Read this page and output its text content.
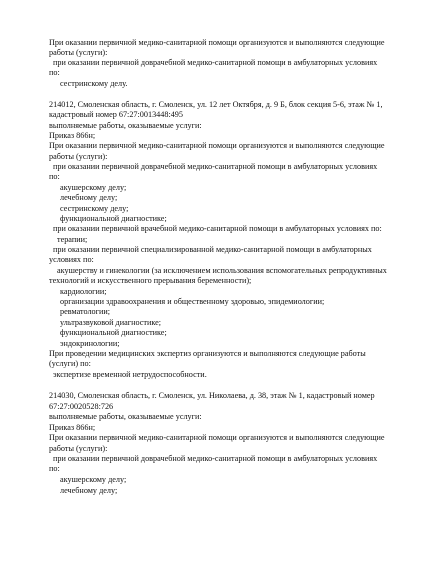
При оказании первичной медико-санитарной помощи организуются и выполняются следующие
работы (услуги):
при оказании первичной доврачебной медико-санитарной помощи в амбулаторных условиях
по:
сестринскому делу.
214012, Смоленская область, г. Смоленск, ул. 12 лет Октября, д. 9 Б, блок секция 5-6, этаж № 1,
кадастровый номер 67:27:0013448:495
выполняемые работы, оказываемые услуги:
Приказ 866н;
При оказании первичной медико-санитарной помощи организуются и выполняются следующие
работы (услуги):
при оказании первичной доврачебной медико-санитарной помощи в амбулаторных условиях
по:
акушерскому делу;
лечебному делу;
сестринскому делу;
функциональной диагностике;
при оказании первичной врачебной медико-санитарной помощи в амбулаторных условиях по:
терапии;
при оказании первичной специализированной медико-санитарной помощи в амбулаторных
условиях по:
акушерству и гинекологии (за исключением использования вспомогательных репродуктивных
технологий и искусственного прерывания беременности);
кардиологии;
организации здравоохранения и общественному здоровью, эпидемиологии;
ревматологии;
ультразвуковой диагностике;
функциональной диагностике;
эндокринологии;
При проведении медицинских экспертиз организуются и выполняются следующие работы
(услуги) по:
экспертизе временной нетрудоспособности.
214030, Смоленская область, г. Смоленск, ул. Николаева, д. 38, этаж № 1, кадастровый номер
67:27:0020528:726
выполняемые работы, оказываемые услуги:
Приказ 866н;
При оказании первичной медико-санитарной помощи организуются и выполняются следующие
работы (услуги):
при оказании первичной доврачебной медико-санитарной помощи в амбулаторных условиях
по:
акушерскому делу;
лечебному делу;
